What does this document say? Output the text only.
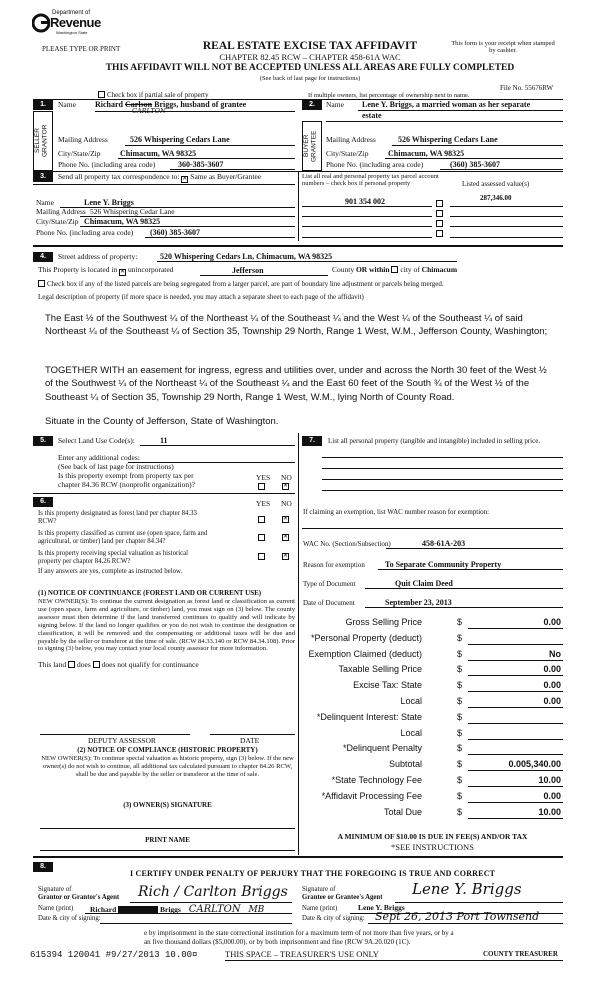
Department of
Revenue
Washington State
PLEASE TYPE OR PRINT	REAL ESTATE EXCISE TAX AFFIDAVIT
CHAPTER 82.45 RCW – CHAPTER 458-61A WAC
THIS AFFIDAVIT WILL NOT BE ACCEPTED UNLESS ALL AREAS ARE FULLY COMPLETED
(See back of last page for instructions)
This form is your receipt when stamped by cashier.
File No. 55676RW
Check box if partial sale of property	If multiple owners, list percentage of ownership next to name.
1.
SELLER GRANTOR
Name Richard Carlson Briggs, husband of grantee
CARLTON
Mailing Address	526 Whispering Cedars Lane
City/State/Zip Chimacum, WA 98325
Phone No. (including area code)	360-385-3607
2.
BUYER GRANTEE
Name Lene Y. Briggs, a married woman as her separate
estate
Mailing Address	526 Whispering Cedars Lane
City/State/Zip Chimacum, WA 98325
Phone No. (including area code)	(360) 385-3607
3.	Send all property tax correspondence to: ✕ Same as Buyer/Grantee
Name	Lene Y. Briggs
Mailing Address 526 Whispering Cedar Lane
City/State/Zip Chimacum, WA 98325
Phone No. (including area code) (360) 385-3607
List all real and personal property tax parcel account numbers – check box if personal property	Listed assessed value(s)
901 354 002	287,346.00
4.	Street address of property:	520 Whispering Cedars Ln, Chimacum, WA 98325
This Property is located in ✕ unincorporated	Jefferson	County OR within city of Chimacum
Check box if any of the listed parcels are being segregated from a larger parcel, are part of boundary line adjustment or parcels being merged.
Legal description of property (if more space is needed, you may attach a separate sheet to each page of the affidavit)
The East ½ of the Southwest ¼ of the Northeast ¼ of the Southeast ¼ and the West ¼ of the Southeast ¼ of said Northeast ¼ of the Southeast ¼ of Section 35, Township 29 North, Range 1 West, W.M., Jefferson County, Washington;
TOGETHER WITH an easement for ingress, egress and utilities over, under and across the North 30 feet of the West ½ of the Southwest ¼ of the Northeast ¼ of the Southeast ¼ and the East 60 feet of the South ¾ of the West ½ of the Southeast ¼ of Section 35, Township 29 North, Range 1 West, W.M., lying North of County Road.
Situate in the County of Jefferson, State of Washington.
5.	Select Land Use Code(s):	11
Enter any additional codes:
(See back of last page for instructions)
Is this property exempt from property tax per
chapter 84.36 RCW (nonprofit organization)?
YES NO
✕
6.	YES NO
Is this property designated as forest land per chapter 84.33
RCW?	✕
Is this property classified as current use (open space, farm and
agricultural, or timber) land per chapter 84.34?
✕
Is this property receiving special valuation as historical
property per chapter 84.26 RCW?
✕
If any answers are yes, complete as instructed below.
(1) NOTICE OF CONTINUANCE (FOREST LAND OR CURRENT USE)
NEW OWNER(S): To continue the current designation as forest land or classification as current use (open space, farm and agriculture, or timber) land, you must sign on (3) below. The county assessor must then determine if the land transferred continues to qualify and will indicate by signing below. If the land no longer qualifies or you do not wish to continue the designation or classification, it will be removed and the compensating or additional taxes will be due and payable by the seller or transferor at the time of sale. (RCW 84.33.140 or RCW 84.34.108). Prior to signing (3) below, you may contact your local county assessor for more information.
This land does does not qualify for continuance
DEPUTY ASSESSOR	DATE
(2) NOTICE OF COMPLIANCE (HISTORIC PROPERTY)
NEW OWNER(S): To continue special valuation as historic property, sign (3) below. If the new owner(s) do not wish to continue, all additional tax calculated pursuant to chapter 84.26 RCW, shall be due and payable by the seller or transferor at the time of sale.
(3) OWNER(S) SIGNATURE
PRINT NAME
7.	List all personal property (tangible and intangible) included in selling price.
If claiming an exemption, list WAC number reason for exemption:
WAC No. (Section/Subsection)	458-61A-203
Reason for exemption	To Separate Community Property
Type of Document	Quit Claim Deed
Date of Document	September 23, 2013
Gross Selling Price	$	0.00
*Personal Property (deduct)	$
Exemption Claimed (deduct)	$	No
Taxable Selling Price	$	0.00
Excise Tax: State	$	0.00
Local	$	0.00
*Delinquent Interest: State	$
Local	$
*Delinquent Penalty	$
Subtotal	$	0.005,340.00
*State Technology Fee	$	10.00
*Affidavit Processing Fee	$	0.00
Total Due	$	10.00
A MINIMUM OF $10.00 IS DUE IN FEE(S) AND/OR TAX
*SEE INSTRUCTIONS
8.
I CERTIFY UNDER PENALTY OF PERJURY THAT THE FOREGOING IS TRUE AND CORRECT
Signature of
Grantor or Grantor's Agent Rich / Carlton Briggs
Name (print) Richard	Briggs CARLTON MB
Date & city of signing:
Signature of
Grantee or Grantee's Agent Lene Y. Briggs
Name (print)	Lene Y. Briggs
Date & city of signing: Sept 26, 2013 Port Townsend
e by imprisonment in the state correctional institution for a maximum term of not more than five years, or by a
an five thousand dollars ($5,000.00), or by both imprisonment and fine (RCW 9A.20.020 (1C).
615394 120041 #9/27/2013 10.00¤	THIS SPACE – TREASURER'S USE ONLY	COUNTY TREASURER
